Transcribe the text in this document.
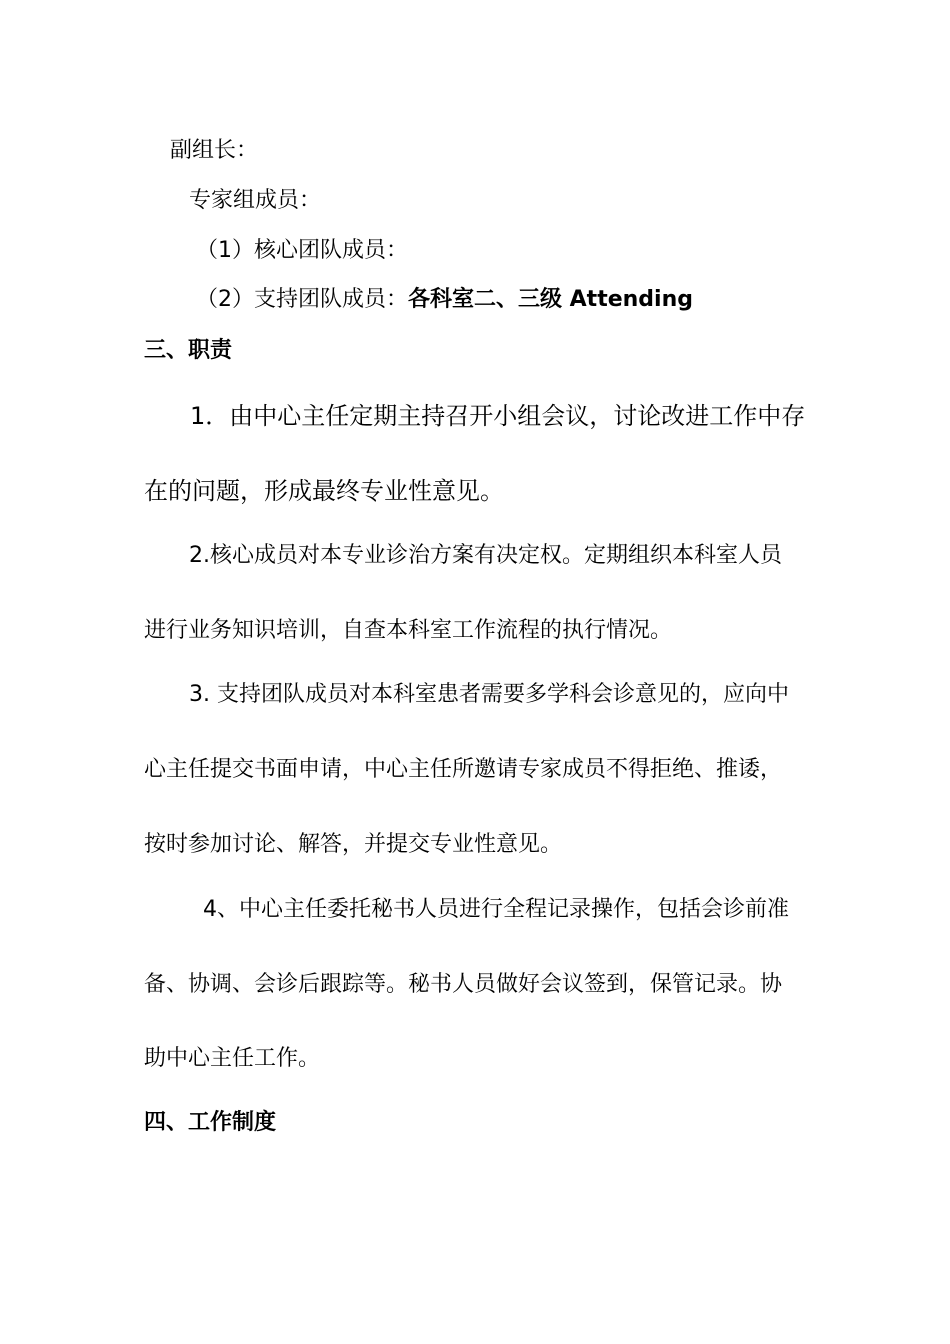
副组长：
专家组成员：
（1）核心团队成员：
（2）支持团队成员：各科室二、三级 Attending
三、职责
1．由中心主任定期主持召开小组会议，讨论改进工作中存
在的问题，形成最终专业性意见。
2.核心成员对本专业诊治方案有决定权。定期组织本科室人员
进行业务知识培训，自查本科室工作流程的执行情况。
3. 支持团队成员对本科室患者需要多学科会诊意见的，应向中
心主任提交书面申请，中心主任所邀请专家成员不得拒绝、推诿，
按时参加讨论、解答，并提交专业性意见。
4、中心主任委托秘书人员进行全程记录操作，包括会诊前准
备、协调、会诊后跟踪等。秘书人员做好会议签到，保管记录。协
助中心主任工作。
四、工作制度
